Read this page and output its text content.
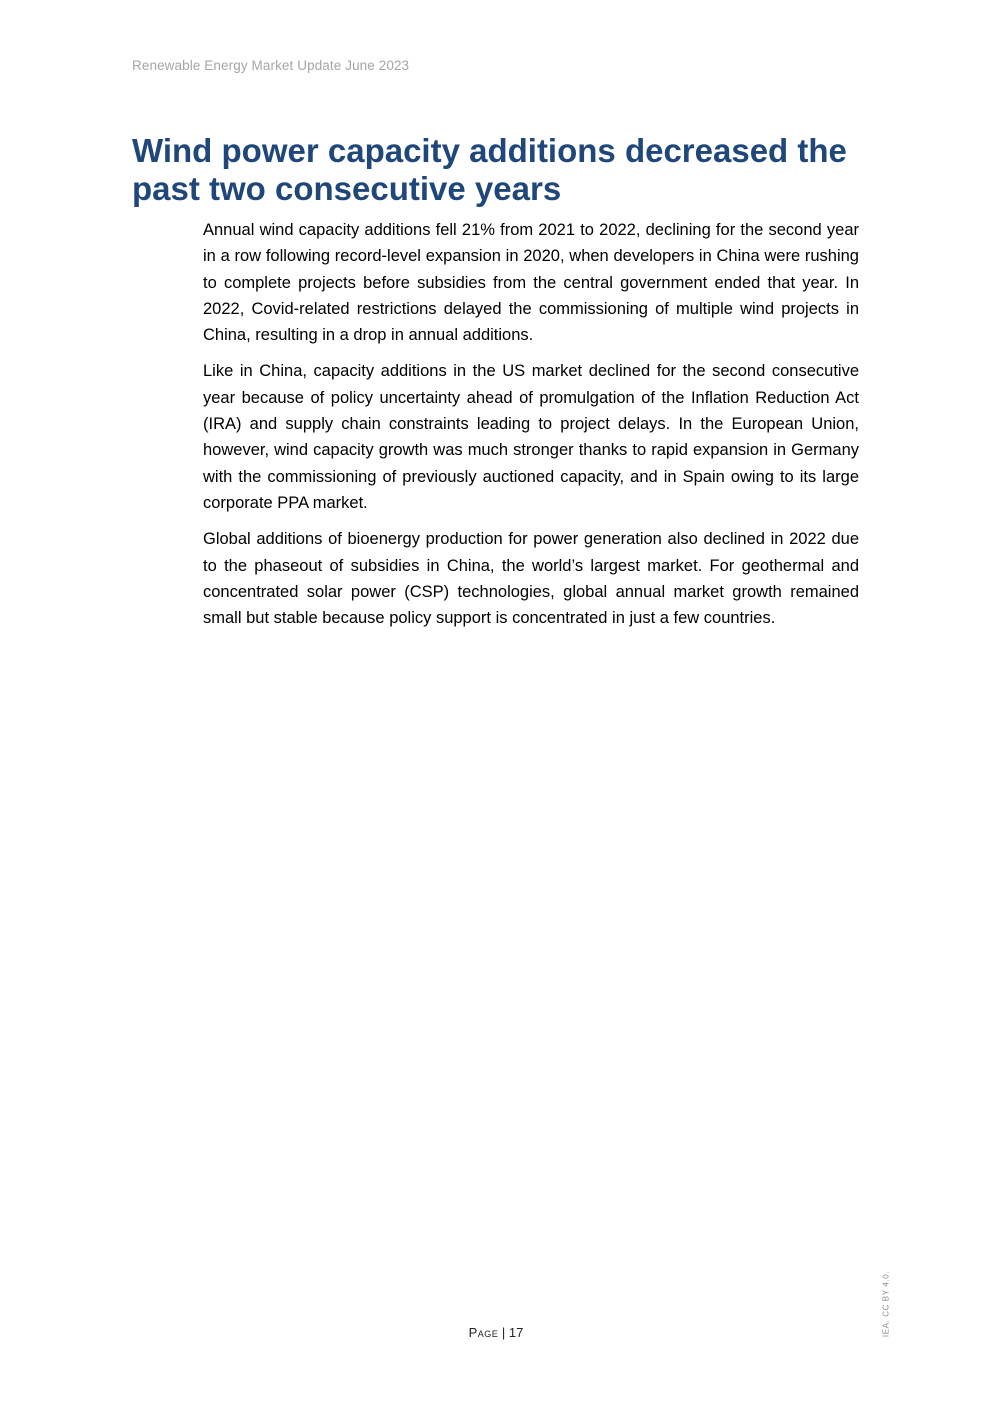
Renewable Energy Market Update June 2023
Wind power capacity additions decreased the past two consecutive years

Annual wind capacity additions fell 21% from 2021 to 2022, declining for the second year in a row following record-level expansion in 2020, when developers in China were rushing to complete projects before subsidies from the central government ended that year. In 2022, Covid-related restrictions delayed the commissioning of multiple wind projects in China, resulting in a drop in annual additions.

Like in China, capacity additions in the US market declined for the second consecutive year because of policy uncertainty ahead of promulgation of the Inflation Reduction Act (IRA) and supply chain constraints leading to project delays. In the European Union, however, wind capacity growth was much stronger thanks to rapid expansion in Germany with the commissioning of previously auctioned capacity, and in Spain owing to its large corporate PPA market.

Global additions of bioenergy production for power generation also declined in 2022 due to the phaseout of subsidies in China, the world’s largest market. For geothermal and concentrated solar power (CSP) technologies, global annual market growth remained small but stable because policy support is concentrated in just a few countries.

IEA. CC BY 4.0.
Page | 17
